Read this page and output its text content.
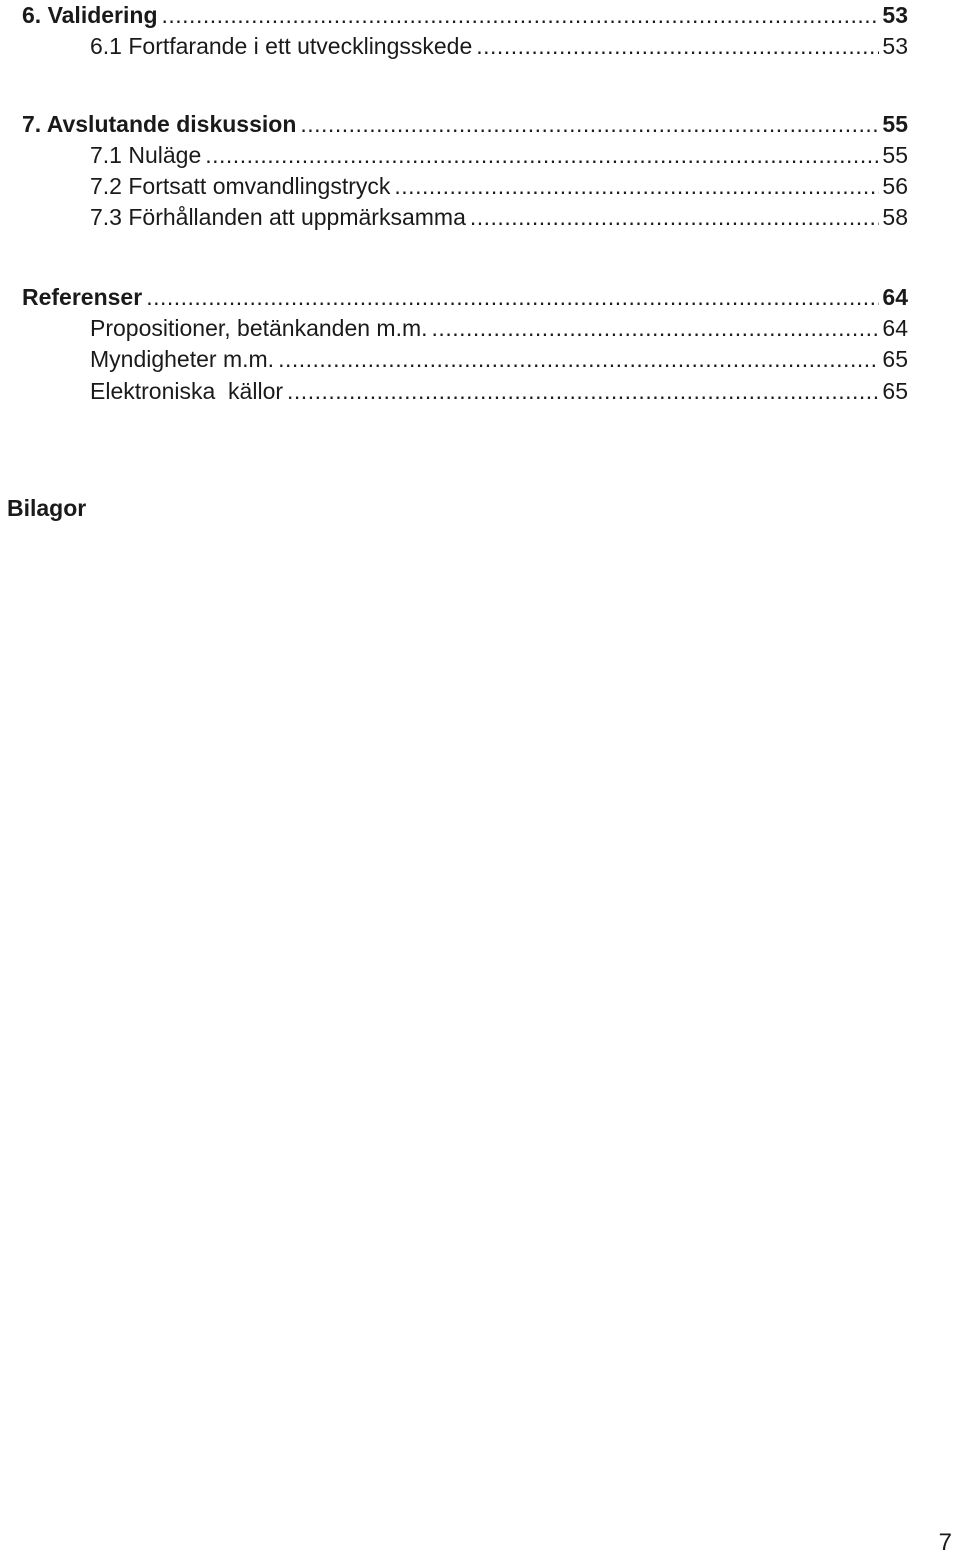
6. Validering .....	53
6.1 Fortfarande i ett utvecklingsskede .....	53
7. Avslutande diskussion .....	55
7.1 Nuläge .....	55
7.2 Fortsatt omvandlingstryck .....	56
7.3 Förhållanden att uppmärksamma .....	58
Referenser .....	64
Propositioner, betänkanden m.m. .....	64
Myndigheter m.m. .....	65
Elektroniska  källor .....	65
Bilagor
7
